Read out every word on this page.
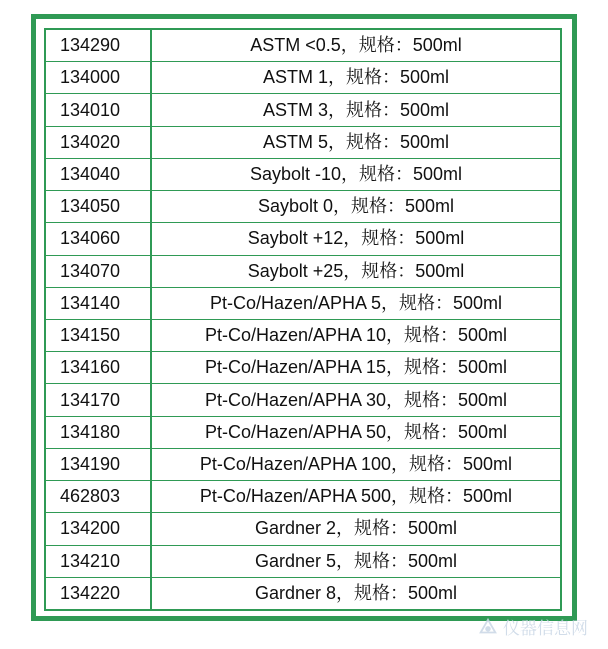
134290	ASTM <0.5，规格：500ml
134000	ASTM 1，规格：500ml
134010	ASTM 3，规格：500ml
134020	ASTM 5，规格：500ml
134040	Saybolt -10，规格：500ml
134050	Saybolt 0，规格：500ml
134060	Saybolt +12，规格：500ml
134070	Saybolt +25，规格：500ml
134140	Pt-Co/Hazen/APHA 5，规格：500ml
134150	Pt-Co/Hazen/APHA 10，规格：500ml
134160	Pt-Co/Hazen/APHA 15，规格：500ml
134170	Pt-Co/Hazen/APHA 30，规格：500ml
134180	Pt-Co/Hazen/APHA 50，规格：500ml
134190	Pt-Co/Hazen/APHA 100，规格：500ml
462803	Pt-Co/Hazen/APHA 500，规格：500ml
134200	Gardner 2，规格：500ml
134210	Gardner 5，规格：500ml
134220	Gardner 8，规格：500ml
仪器信息网
